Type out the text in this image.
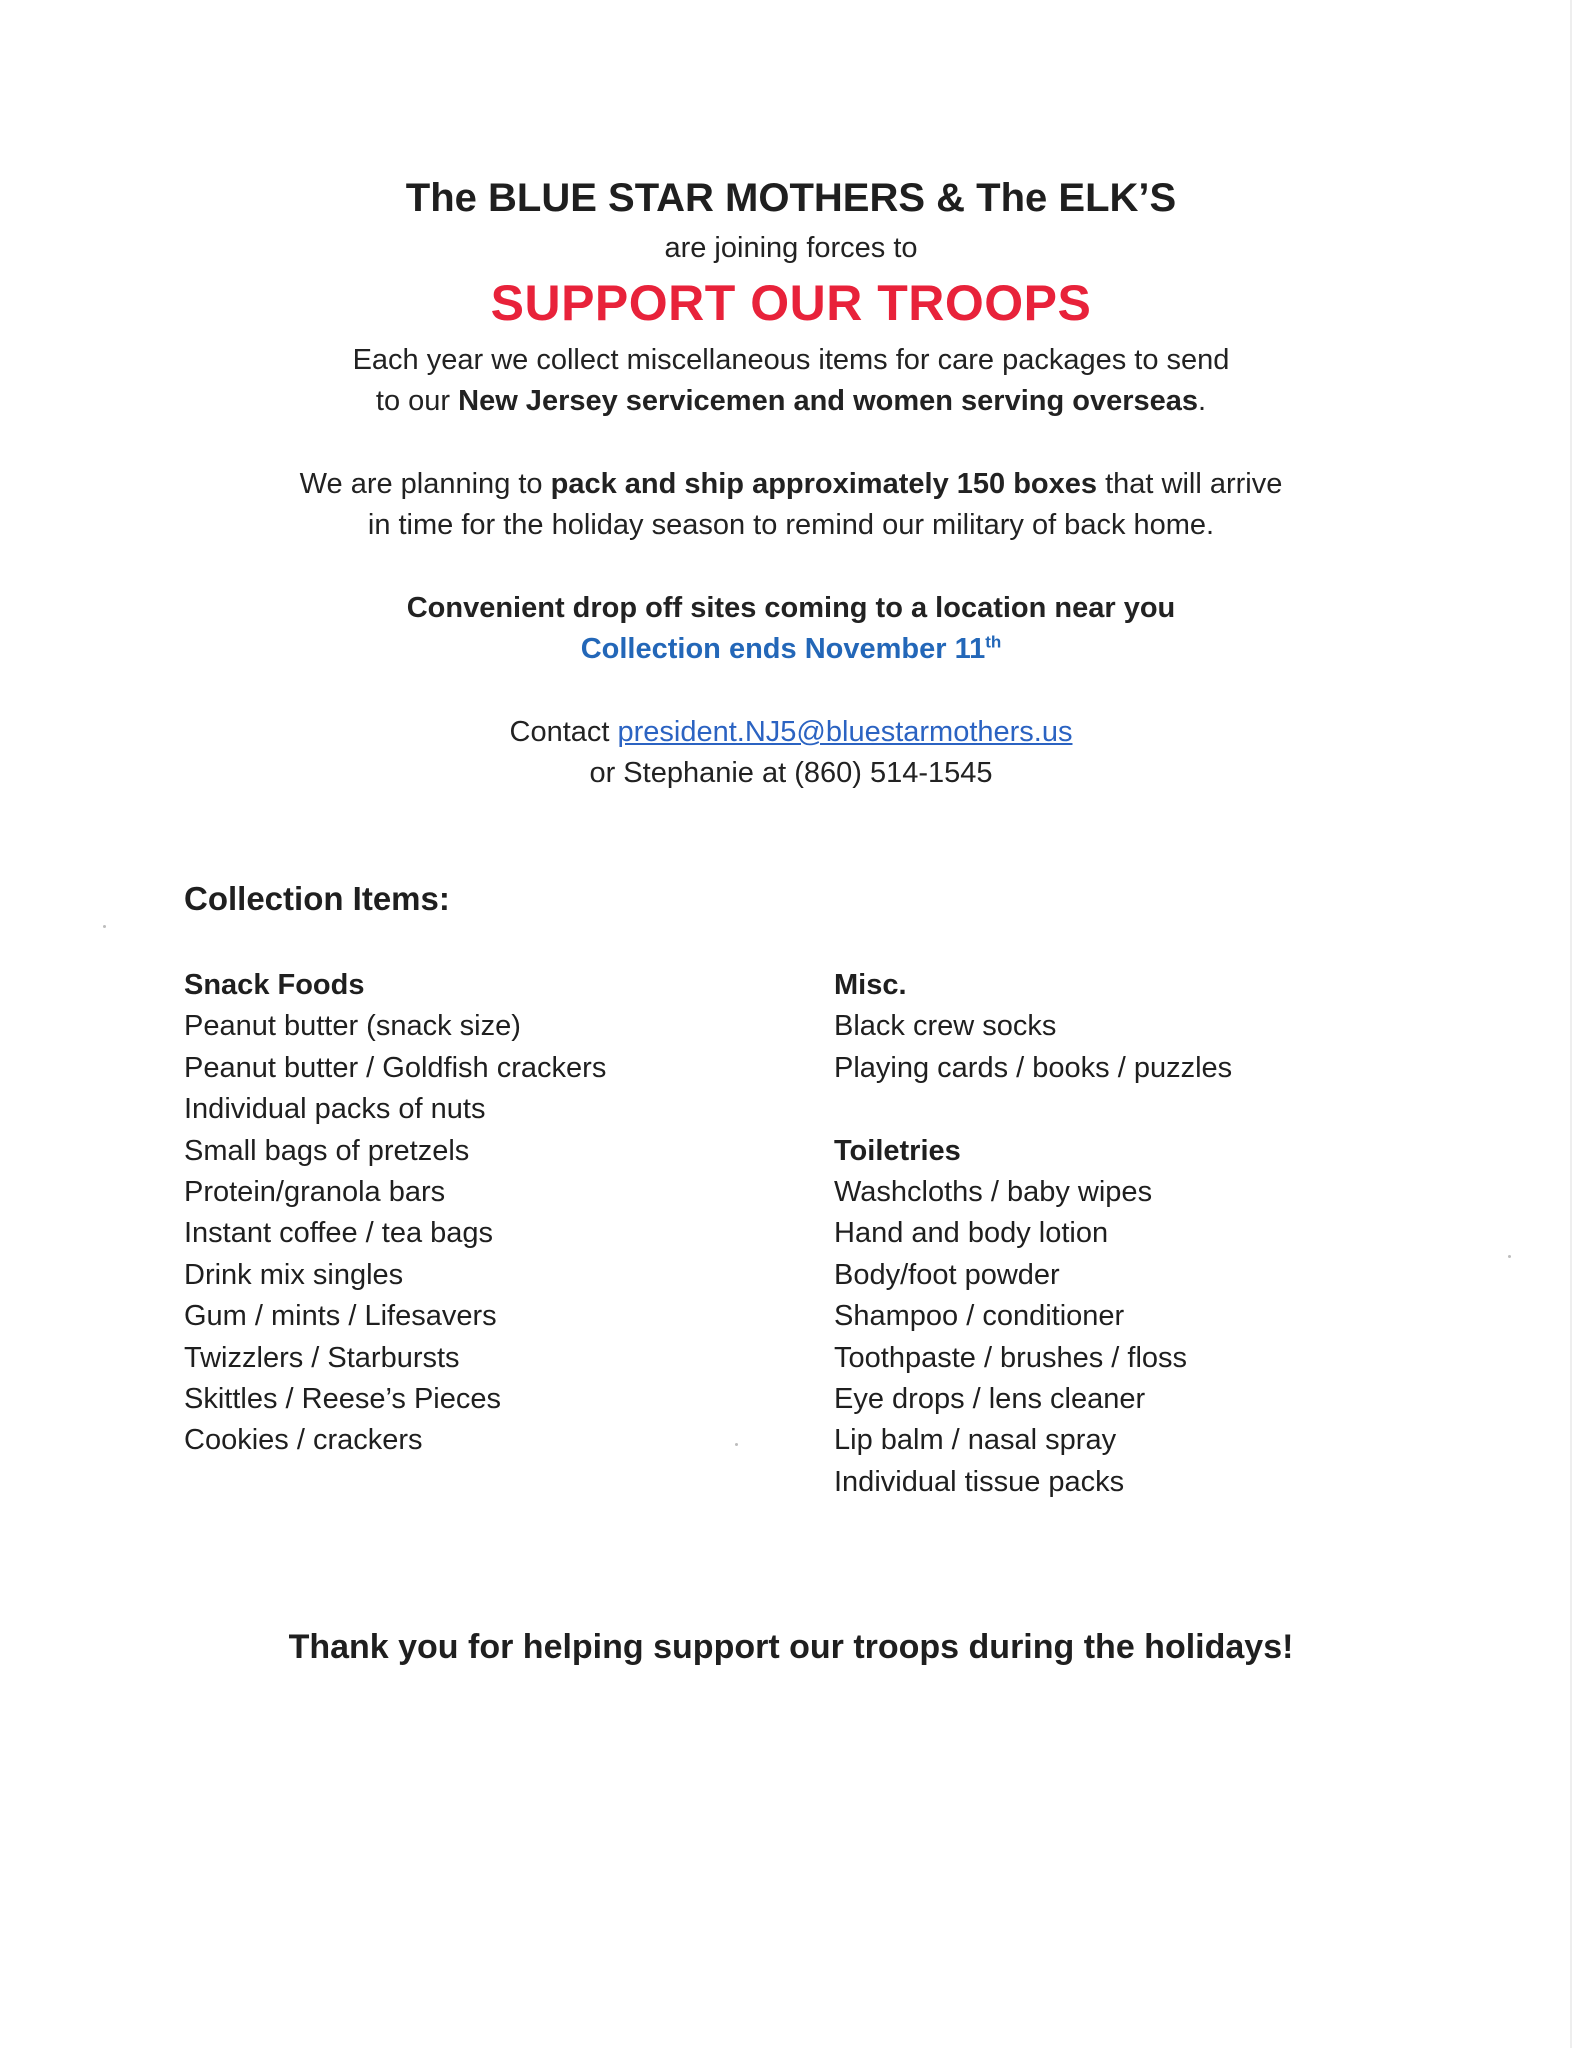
The BLUE STAR MOTHERS & The ELK’S
are joining forces to
SUPPORT OUR TROOPS
Each year we collect miscellaneous items for care packages to send
to our New Jersey servicemen and women serving overseas.
We are planning to pack and ship approximately 150 boxes that will arrive
in time for the holiday season to remind our military of back home.
Convenient drop off sites coming to a location near you
Collection ends November 11th
Contact president.NJ5@bluestarmothers.us
or Stephanie at (860) 514-1545
Collection Items:
Snack Foods
Peanut butter (snack size)
Peanut butter / Goldfish crackers
Individual packs of nuts
Small bags of pretzels
Protein/granola bars
Instant coffee / tea bags
Drink mix singles
Gum / mints / Lifesavers
Twizzlers / Starbursts
Skittles / Reese’s Pieces
Cookies / crackers
Misc.
Black crew socks
Playing cards / books / puzzles
Toiletries
Washcloths / baby wipes
Hand and body lotion
Body/foot powder
Shampoo / conditioner
Toothpaste / brushes / floss
Eye drops / lens cleaner
Lip balm / nasal spray
Individual tissue packs
Thank you for helping support our troops during the holidays!
